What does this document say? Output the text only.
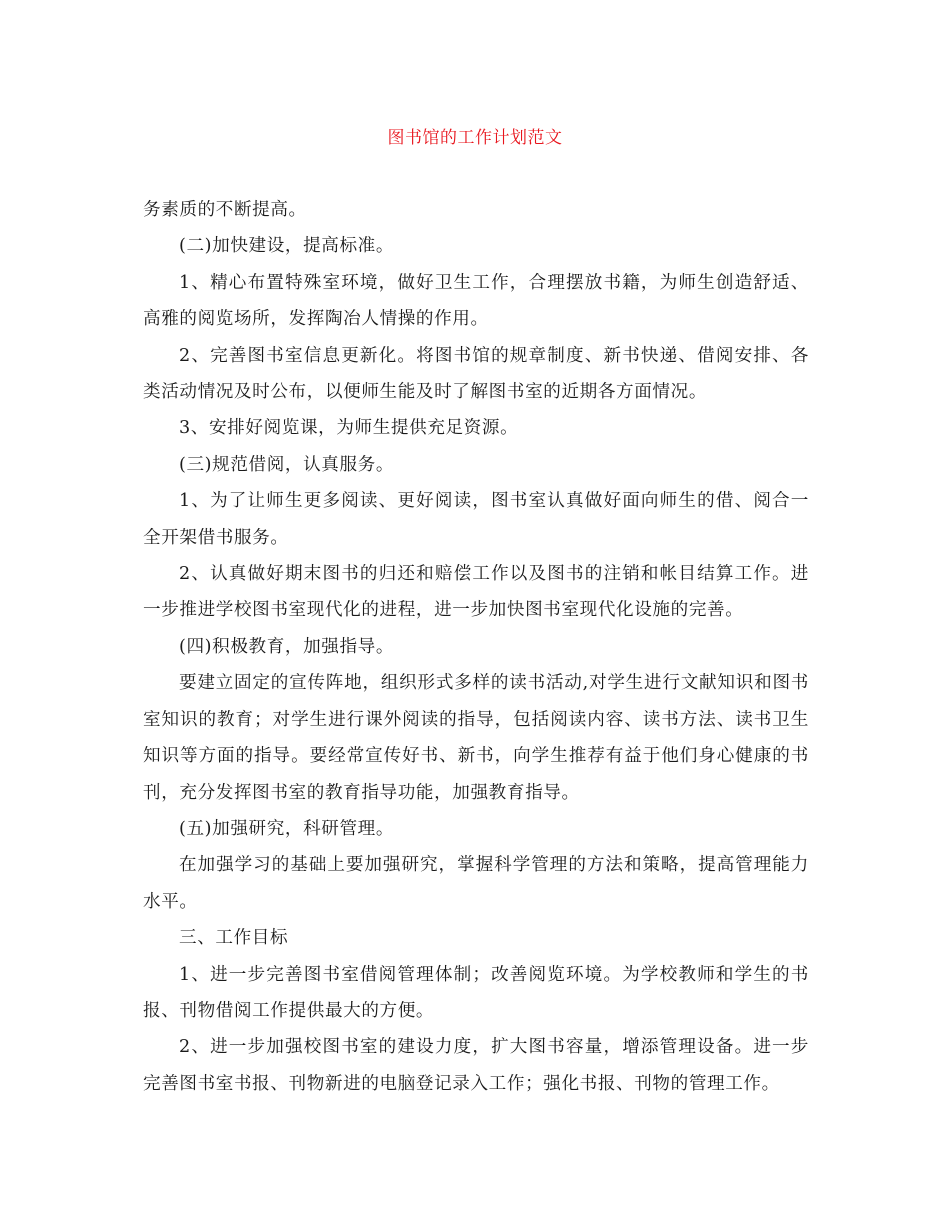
图书馆的工作计划范文

务素质的不断提高。

(二)加快建设，提高标准。

1、精心布置特殊室环境，做好卫生工作，合理摆放书籍，为师生创造舒适、高雅的阅览场所，发挥陶冶人情操的作用。

2、完善图书室信息更新化。将图书馆的规章制度、新书快递、借阅安排、各类活动情况及时公布，以便师生能及时了解图书室的近期各方面情况。

3、安排好阅览课，为师生提供充足资源。

(三)规范借阅，认真服务。

1、为了让师生更多阅读、更好阅读，图书室认真做好面向师生的借、阅合一全开架借书服务。

2、认真做好期末图书的归还和赔偿工作以及图书的注销和帐目结算工作。进一步推进学校图书室现代化的进程，进一步加快图书室现代化设施的完善。

(四)积极教育，加强指导。

要建立固定的宣传阵地，组织形式多样的读书活动,对学生进行文献知识和图书室知识的教育；对学生进行课外阅读的指导，包括阅读内容、读书方法、读书卫生知识等方面的指导。要经常宣传好书、新书，向学生推荐有益于他们身心健康的书刊，充分发挥图书室的教育指导功能，加强教育指导。

(五)加强研究，科研管理。

在加强学习的基础上要加强研究，掌握科学管理的方法和策略，提高管理能力水平。

三、工作目标

1、进一步完善图书室借阅管理体制；改善阅览环境。为学校教师和学生的书报、刊物借阅工作提供最大的方便。

2、进一步加强校图书室的建设力度，扩大图书容量，增添管理设备。进一步完善图书室书报、刊物新进的电脑登记录入工作；强化书报、刊物的管理工作。
